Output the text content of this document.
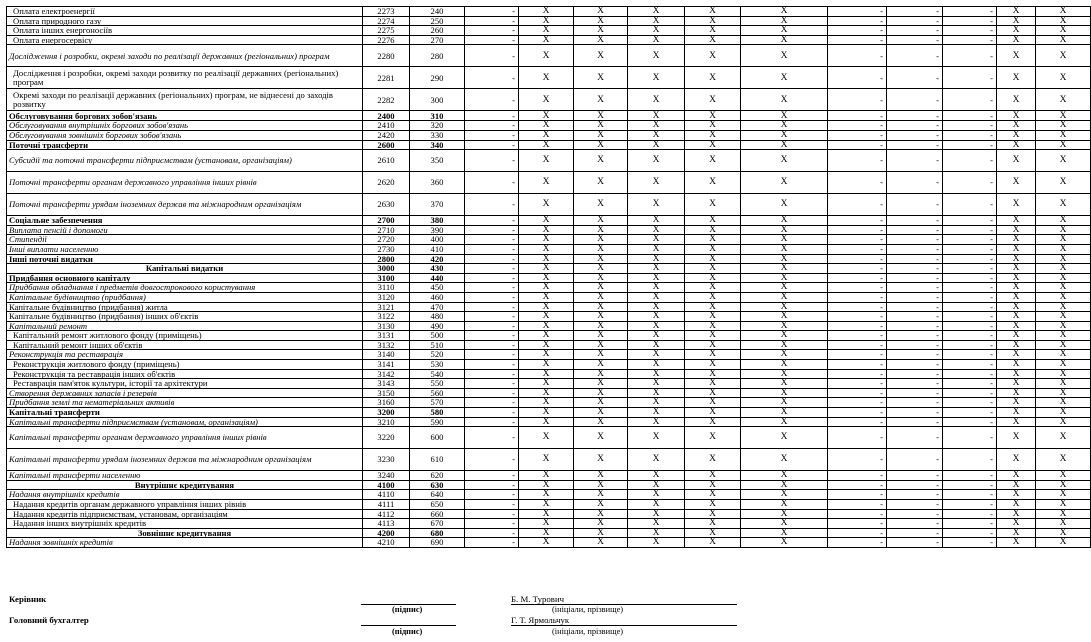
Оплата електроенергії	2273	240	-	X	X	X	X	X	-	-	-	X	X
Оплата природного газу	2274	250	-	X	X	X	X	X	-	-	-	X	X
Оплата інших енергоносіїв	2275	260	-	X	X	X	X	X	-	-	-	X	X
Оплата енергосервісу	2276	270	-	X	X	X	X	X	-	-	-	X	X
Дослідження і розробки, окремі заходи по реалізації державних (регіональних) програм	2280	280	-	X	X	X	X	X	-	-	-	X	X
Дослідження і розробки, окремі заходи розвитку по реалізації державних (регіональних) програм	2281	290	-	X	X	X	X	X	-	-	-	X	X
Окремі заходи по реалізації державних (регіональних) програм, не віднесені до заходів розвитку	2282	300	-	X	X	X	X	X	-	-	-	X	X
Обслуговування боргових зобов'язань	2400	310	-	X	X	X	X	X	-	-	-	X	X
Обслуговування внутрішніх боргових зобов'язань	2410	320	-	X	X	X	X	X	-	-	-	X	X
Обслуговування зовнішніх боргових зобов'язань	2420	330	-	X	X	X	X	X	-	-	-	X	X
Поточні трансферти	2600	340	-	X	X	X	X	X	-	-	-	X	X
Субсидії та поточні трансферти підприємствам (установам, організаціям)	2610	350	-	X	X	X	X	X	-	-	-	X	X
Поточні трансферти органам державного управління інших рівнів	2620	360	-	X	X	X	X	X	-	-	-	X	X
Поточні трансферти урядам іноземних держав та міжнародним організаціям	2630	370	-	X	X	X	X	X	-	-	-	X	X
Соціальне забезпечення	2700	380	-	X	X	X	X	X	-	-	-	X	X
Виплата пенсій і допомоги	2710	390	-	X	X	X	X	X	-	-	-	X	X
Стипендії	2720	400	-	X	X	X	X	X	-	-	-	X	X
Інші виплати населенню	2730	410	-	X	X	X	X	X	-	-	-	X	X
Інші поточні видатки	2800	420	-	X	X	X	X	X	-	-	-	X	X
Капітальні видатки	3000	430	-	X	X	X	X	X	-	-	-	X	X
Придбання основного капіталу	3100	440	-	X	X	X	X	X	-	-	-	X	X
Придбання обладнання і предметів довгострокового користування	3110	450	-	X	X	X	X	X	-	-	-	X	X
Капітальне будівництво (придбання)	3120	460	-	X	X	X	X	X	-	-	-	X	X
Капітальне будівництво (придбання) житла	3121	470	-	X	X	X	X	X	-	-	-	X	X
Капітальне будівництво (придбання) інших об'єктів	3122	480	-	X	X	X	X	X	-	-	-	X	X
Капітальний ремонт	3130	490	-	X	X	X	X	X	-	-	-	X	X
Капітальний ремонт житлового фонду (приміщень)	3131	500	-	X	X	X	X	X	-	-	-	X	X
Капітальний ремонт інших об'єктів	3132	510	-	X	X	X	X	X	-	-	-	X	X
Реконструкція та реставрація	3140	520	-	X	X	X	X	X	-	-	-	X	X
Реконструкція житлового фонду (приміщень)	3141	530	-	X	X	X	X	X	-	-	-	X	X
Реконструкція та реставрація інших об'єктів	3142	540	-	X	X	X	X	X	-	-	-	X	X
Реставрація пам'яток культури, історії та архітектури	3143	550	-	X	X	X	X	X	-	-	-	X	X
Створення державних запасів і резервів	3150	560	-	X	X	X	X	X	-	-	-	X	X
Придбання землі та нематеріальних активів	3160	570	-	X	X	X	X	X	-	-	-	X	X
Капітальні трансферти	3200	580	-	X	X	X	X	X	-	-	-	X	X
Капітальні трансферти підприємствам (установам, організаціям)	3210	590	-	X	X	X	X	X	-	-	-	X	X
Капітальні трансферти органам державного управління інших рівнів	3220	600	-	X	X	X	X	X	-	-	-	X	X
Капітальні трансферти урядам іноземних держав та міжнародним організаціям	3230	610	-	X	X	X	X	X	-	-	-	X	X
Капітальні трансферти населенню	3240	620	-	X	X	X	X	X	-	-	-	X	X
Внутрішнє кредитування	4100	630	-	X	X	X	X	X	-	-	-	X	X
Надання внутрішніх кредитів	4110	640	-	X	X	X	X	X	-	-	-	X	X
Надання кредитів органам державного управління інших рівнів	4111	650	-	X	X	X	X	X	-	-	-	X	X
Надання кредитів підприємствам, установам, організаціям	4112	660	-	X	X	X	X	X	-	-	-	X	X
Надання інших внутрішніх кредитів	4113	670	-	X	X	X	X	X	-	-	-	X	X
Зовнішнє кредитування	4200	680	-	X	X	X	X	X	-	-	-	X	X
Надання зовнішніх кредитів	4210	690	-	X	X	X	X	X	-	-	-	X	X
Керівник
(підпис)
Б. М. Турович
(ініціали, прізвище)
Головний бухгалтер
(підпис)
Г. Т. Ярмольчук
(ініціали, прізвище)
